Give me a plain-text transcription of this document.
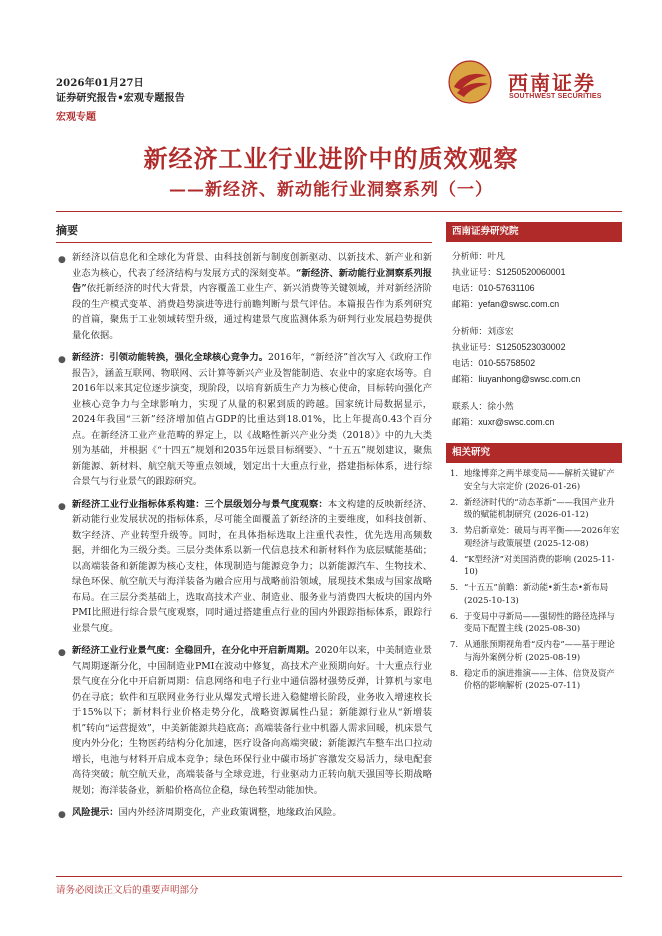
2026年01月27日
证券研究报告•宏观专题报告
宏观专题
西南证券
SOUTHWEST SECURITIES
新经济工业行业进阶中的质效观察
——新经济、新动能行业洞察系列（一）
摘要
● 新经济以信息化和全球化为背景、由科技创新与制度创新驱动、以新技术、新产业和新业态为核心，代表了经济结构与发展方式的深刻变革。“新经济、新动能行业洞察系列报告”依托新经济的时代大背景，内容覆盖工业生产、新兴消费等关键领域，并对新经济阶段的生产模式变革、消费趋势演进等进行前瞻判断与景气评估。本篇报告作为系列研究的首篇，聚焦于工业领域转型升级，通过构建景气度监测体系为研判行业发展趋势提供量化依据。
● 新经济：引领动能转换，强化全球核心竞争力。2016年，“新经济”首次写入《政府工作报告》，涵盖互联网、物联网、云计算等新兴产业及智能制造、农业中的家庭农场等。自2016年以来其定位逐步演变，现阶段，以培育新质生产力为核心使命，目标转向强化产业核心竞争力与全球影响力，实现了从量的积累到质的跨越。国家统计局数据显示，2024年我国“三新”经济增加值占GDP的比重达到18.01%，比上年提高0.43个百分点。在新经济工业产业范畴的界定上，以《战略性新兴产业分类（2018）》中的九大类别为基础，并根据《“十四五”规划和2035年远景目标纲要》、“十五五”规划建议，聚焦新能源、新材料、航空航天等重点领域，划定出十大重点行业，搭建指标体系，进行综合景气与行业景气的跟踪研究。
● 新经济工业行业指标体系构建：三个层级划分与景气度观察：本文构建的反映新经济、新动能行业发展状况的指标体系，尽可能全面覆盖了新经济的主要维度，如科技创新、数字经济、产业转型升级等。同时，在具体指标选取上注重代表性，优先选用高频数据，并细化为三级分类。三层分类体系以新一代信息技术和新材料作为底层赋能基础；以高端装备和新能源为核心支柱，体现制造与能源竞争力；以新能源汽车、生物技术、绿色环保、航空航天与海洋装备为融合应用与战略前沿领域，展现技术集成与国家战略布局。在三层分类基础上，选取高技术产业、制造业、服务业与消费四大板块的国内外PMI比照进行综合景气度观察，同时通过搭建重点行业的国内外跟踪指标体系，跟踪行业景气度。
● 新经济工业行业景气度：全稳回升，在分化中开启新周期。2020年以来，中美制造业景气周期逐渐分化，中国制造业PMI在波动中修复，高技术产业预期向好。十大重点行业景气度在分化中开启新周期：信息网络和电子行业中通信器材强势反弹，计算机与家电仍在寻底；软件和互联网业务行业从爆发式增长进入稳健增长阶段，业务收入增速枚长于15%以下；新材料行业价格走势分化，战略资源属性凸显；新能源行业从“新增装机”转向“运营提效”，中美新能源共趋底高；高端装备行业中机器人需求回暖，机床景气度内外分化；生物医药结构分化加速，医疗设备向高端突破；新能源汽车整车出口拉动增长，电池与材料开启成本竞争；绿色环保行业中碳市场扩容激发交易活力，绿电配套高待突破；航空航天业，高端装备与全球竞进，行业驱动力正转向航天强国等长期战略规划；海洋装备业，新船价格高位企稳，绿色转型动能加快。
● 风险提示：国内外经济周期变化，产业政策调整，地缘政治风险。
西南证券研究院
分析师：叶凡
执业证号：S1250520060001
电话：010-57631106
邮箱：yefan@swsc.com.cn
分析师：刘彦宏
执业证号：S1250523030002
电话：010-55758502
邮箱：liuyanhong@swsc.com.cn
联系人：徐小然
邮箱：xuxr@swsc.com.cn
相关研究
1. 地缘博弈之两半球变局——解析关键矿产安全与大宗定价 (2026-01-26)
2. 新经济时代的“动态革新”——我国产业升级的赋能机制研究 (2026-01-12)
3. 势启新章处：破局与再平衡——2026年宏观经济与政策展望 (2025-12-08)
4. “K型经济”对美国消费的影响 (2025-11-10)
5. “十五五”前瞻：新动能•新生态•新布局 (2025-10-13)
6. 于变局中寻新局——强韧性的路径选择与变局下配置主线 (2025-08-30)
7. 从通胀预期视角看“反内卷”——基于理论与海外案例分析 (2025-08-19)
8. 稳定币的演进推演——主体、信贷及资产价格的影响解析 (2025-07-11)
请务必阅读正文后的重要声明部分
